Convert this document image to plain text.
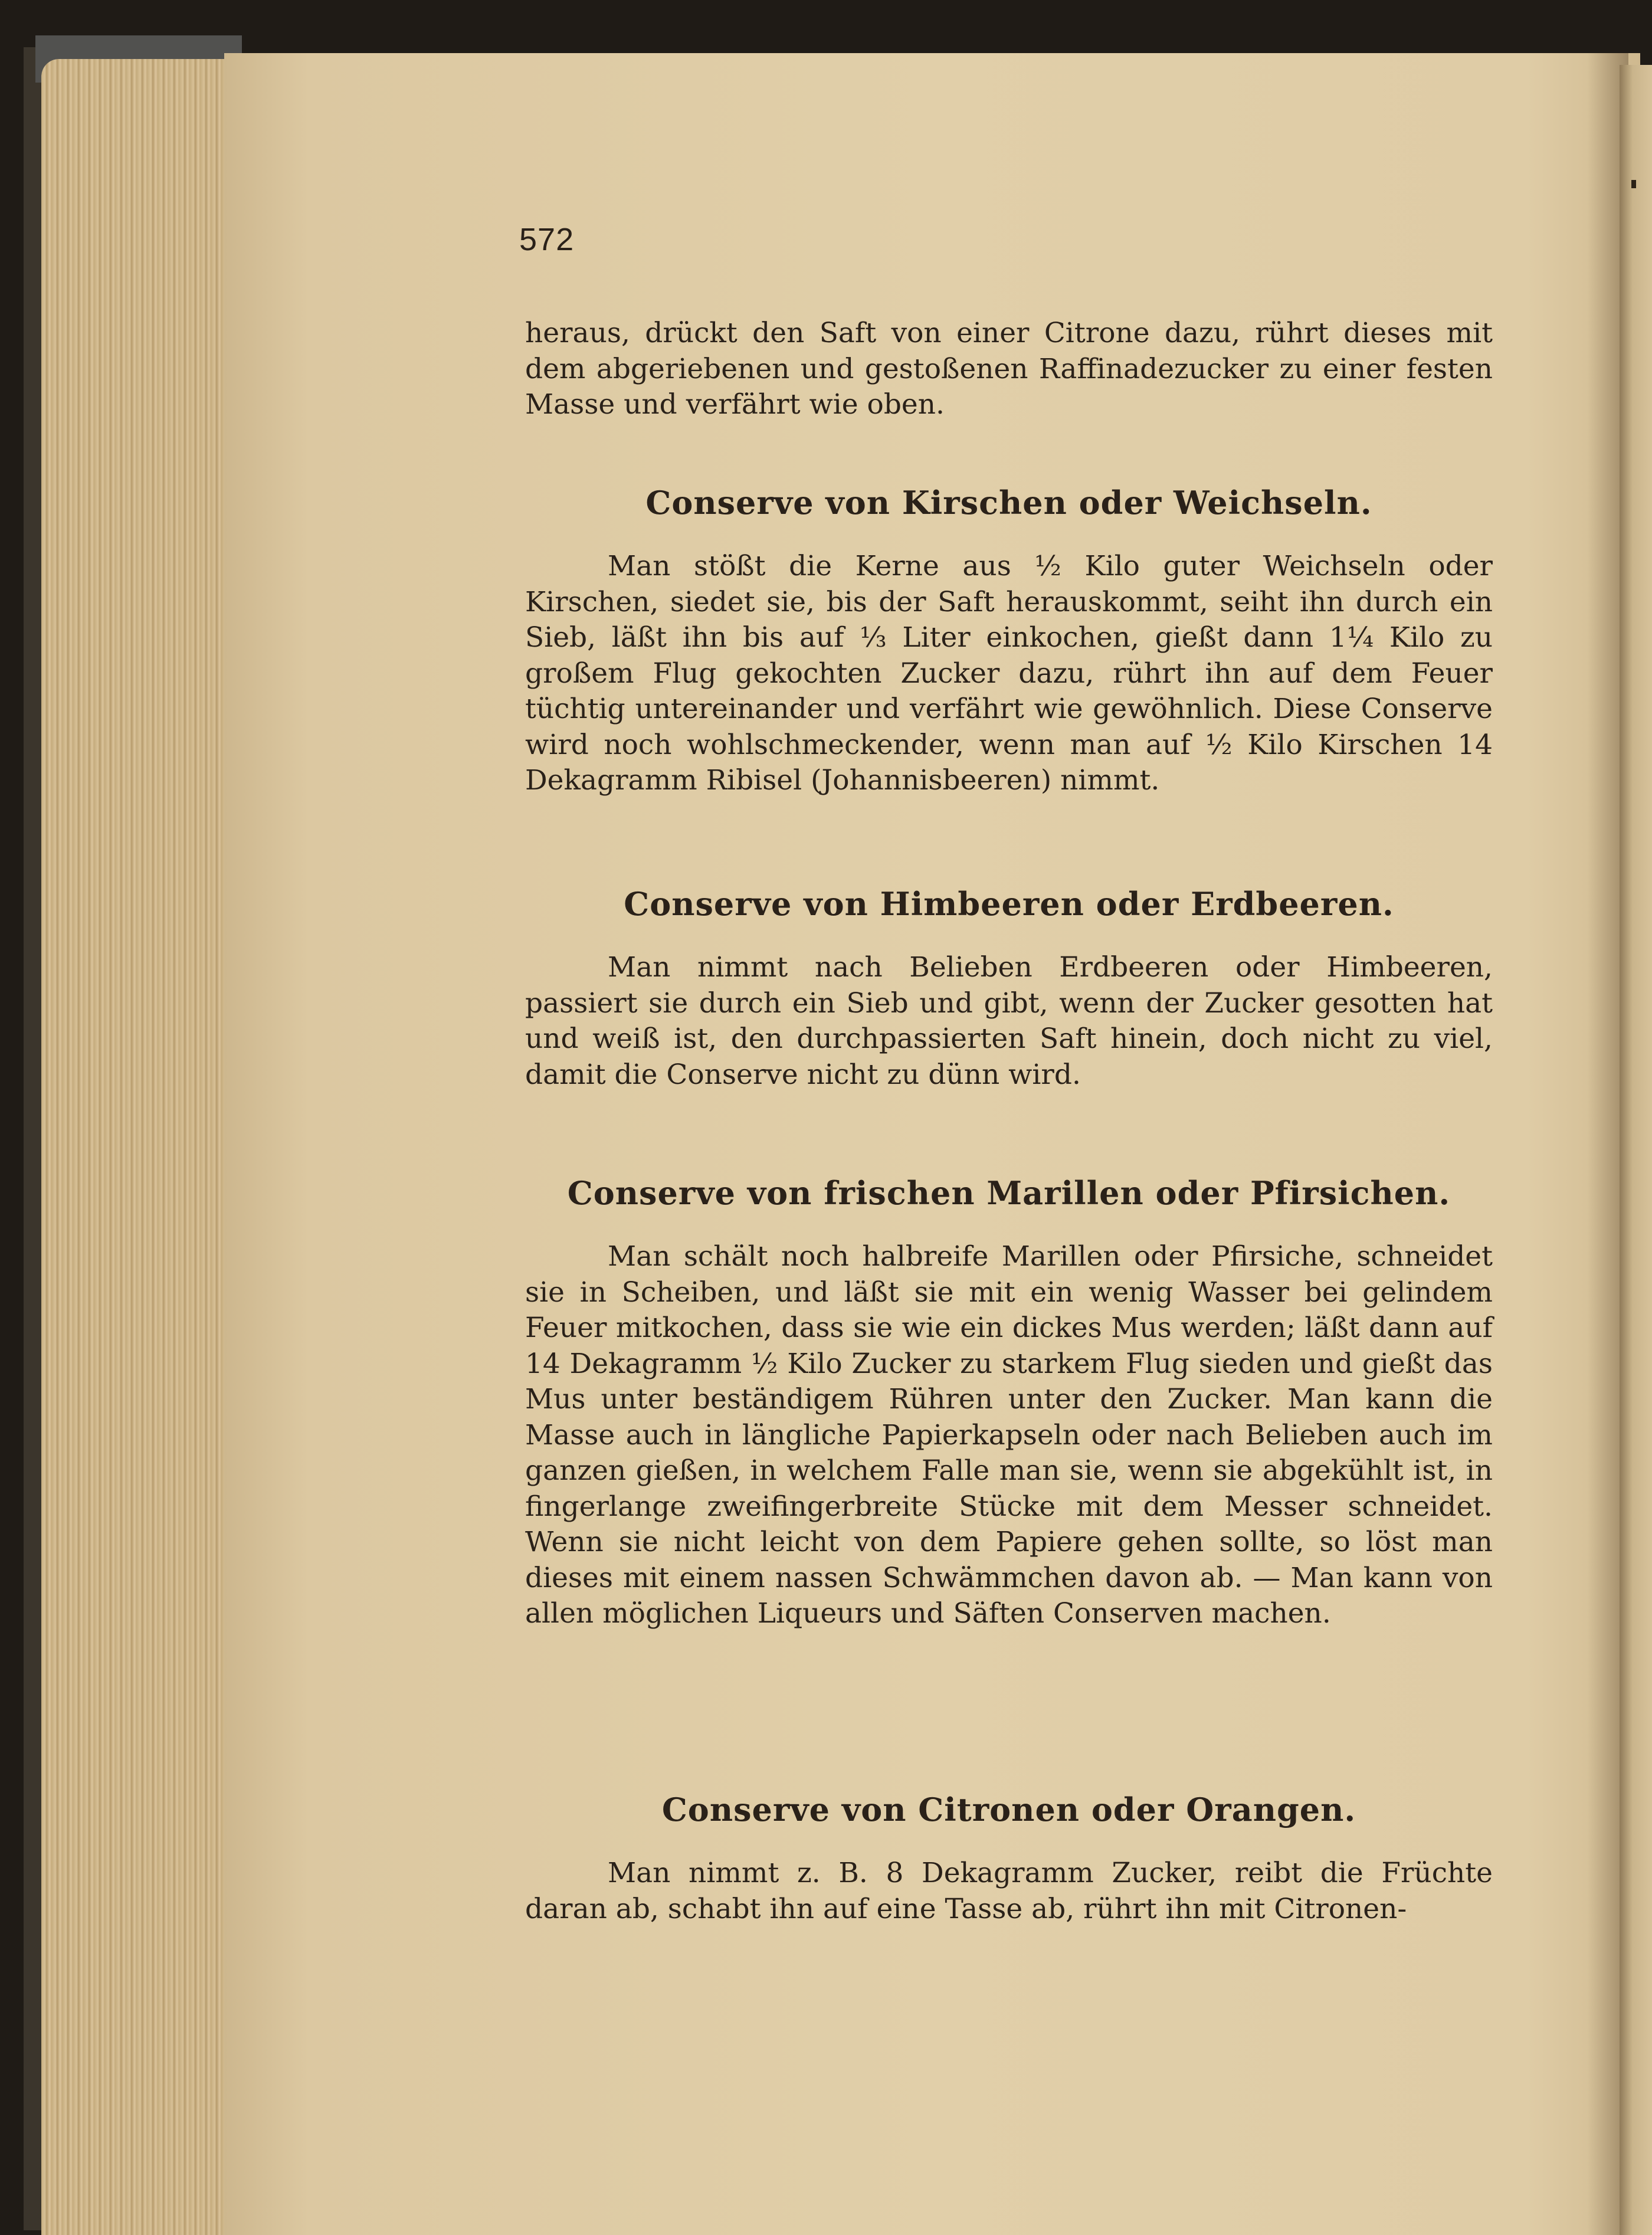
572

heraus, drückt den Saft von einer Citrone dazu, rührt dieses mit dem abgeriebenen und gestoßenen Raffinadezucker zu einer festen Masse und verfährt wie oben.

Conserve von Kirschen oder Weichseln.

Man stößt die Kerne aus ½ Kilo guter Weichseln oder Kirschen, siedet sie, bis der Saft herauskommt, seiht ihn durch ein Sieb, läßt ihn bis auf ⅓ Liter einkochen, gießt dann 1¼ Kilo zu großem Flug gekochten Zucker dazu, rührt ihn auf dem Feuer tüchtig untereinander und verfährt wie gewöhnlich. Diese Conserve wird noch wohlschmeckender, wenn man auf ½ Kilo Kirschen 14 Dekagramm Ribisel (Johannisbeeren) nimmt.

Conserve von Himbeeren oder Erdbeeren.

Man nimmt nach Belieben Erdbeeren oder Himbeeren, passiert sie durch ein Sieb und gibt, wenn der Zucker gesotten hat und weiß ist, den durchpassierten Saft hinein, doch nicht zu viel, damit die Conserve nicht zu dünn wird.

Conserve von frischen Marillen oder Pfirsichen.

Man schält noch halbreife Marillen oder Pfirsiche, schneidet sie in Scheiben, und läßt sie mit ein wenig Wasser bei gelindem Feuer mitkochen, dass sie wie ein dickes Mus werden; läßt dann auf 14 Dekagramm ½ Kilo Zucker zu starkem Flug sieden und gießt das Mus unter beständigem Rühren unter den Zucker. Man kann die Masse auch in längliche Papierkapseln oder nach Belieben auch im ganzen gießen, in welchem Falle man sie, wenn sie abgekühlt ist, in fingerlange zweifingerbreite Stücke mit dem Messer schneidet. Wenn sie nicht leicht von dem Papiere gehen sollte, so löst man dieses mit einem nassen Schwämmchen davon ab. — Man kann von allen möglichen Liqueurs und Säften Conserven machen.

Conserve von Citronen oder Orangen.

Man nimmt z. B. 8 Dekagramm Zucker, reibt die Früchte daran ab, schabt ihn auf eine Tasse ab, rührt ihn mit Citronen-
